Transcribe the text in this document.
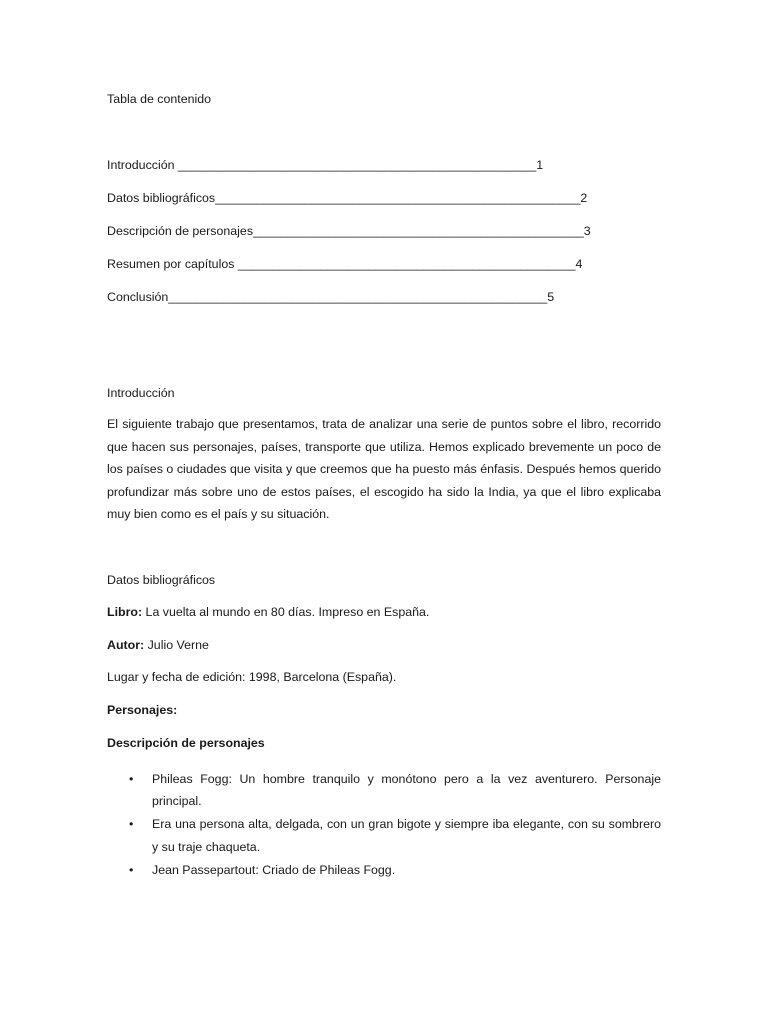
Tabla de contenido
Introducción ____________________________________________________1
Datos bibliográficos_____________________________________________________2
Descripción de personajes________________________________________________3
Resumen por capítulos _________________________________________________4
Conclusión_______________________________________________________5
Introducción

El siguiente trabajo que presentamos, trata de analizar una serie de puntos sobre el libro, recorrido que hacen sus personajes, países, transporte que utiliza. Hemos explicado brevemente un poco de los países o ciudades que visita y que creemos que ha puesto más énfasis. Después hemos querido profundizar más sobre uno de estos países, el escogido ha sido la India, ya que el libro explicaba muy bien como es el país y su situación.

Datos bibliográficos
Libro: La vuelta al mundo en 80 días. Impreso en España.
Autor: Julio Verne
Lugar y fecha de edición: 1998, Barcelona (España).
Personajes:
Descripción de personajes
• Phileas Fogg: Un hombre tranquilo y monótono pero a la vez aventurero. Personaje principal.
• Era una persona alta, delgada, con un gran bigote y siempre iba elegante, con su sombrero y su traje chaqueta.
• Jean Passepartout: Criado de Phileas Fogg.
